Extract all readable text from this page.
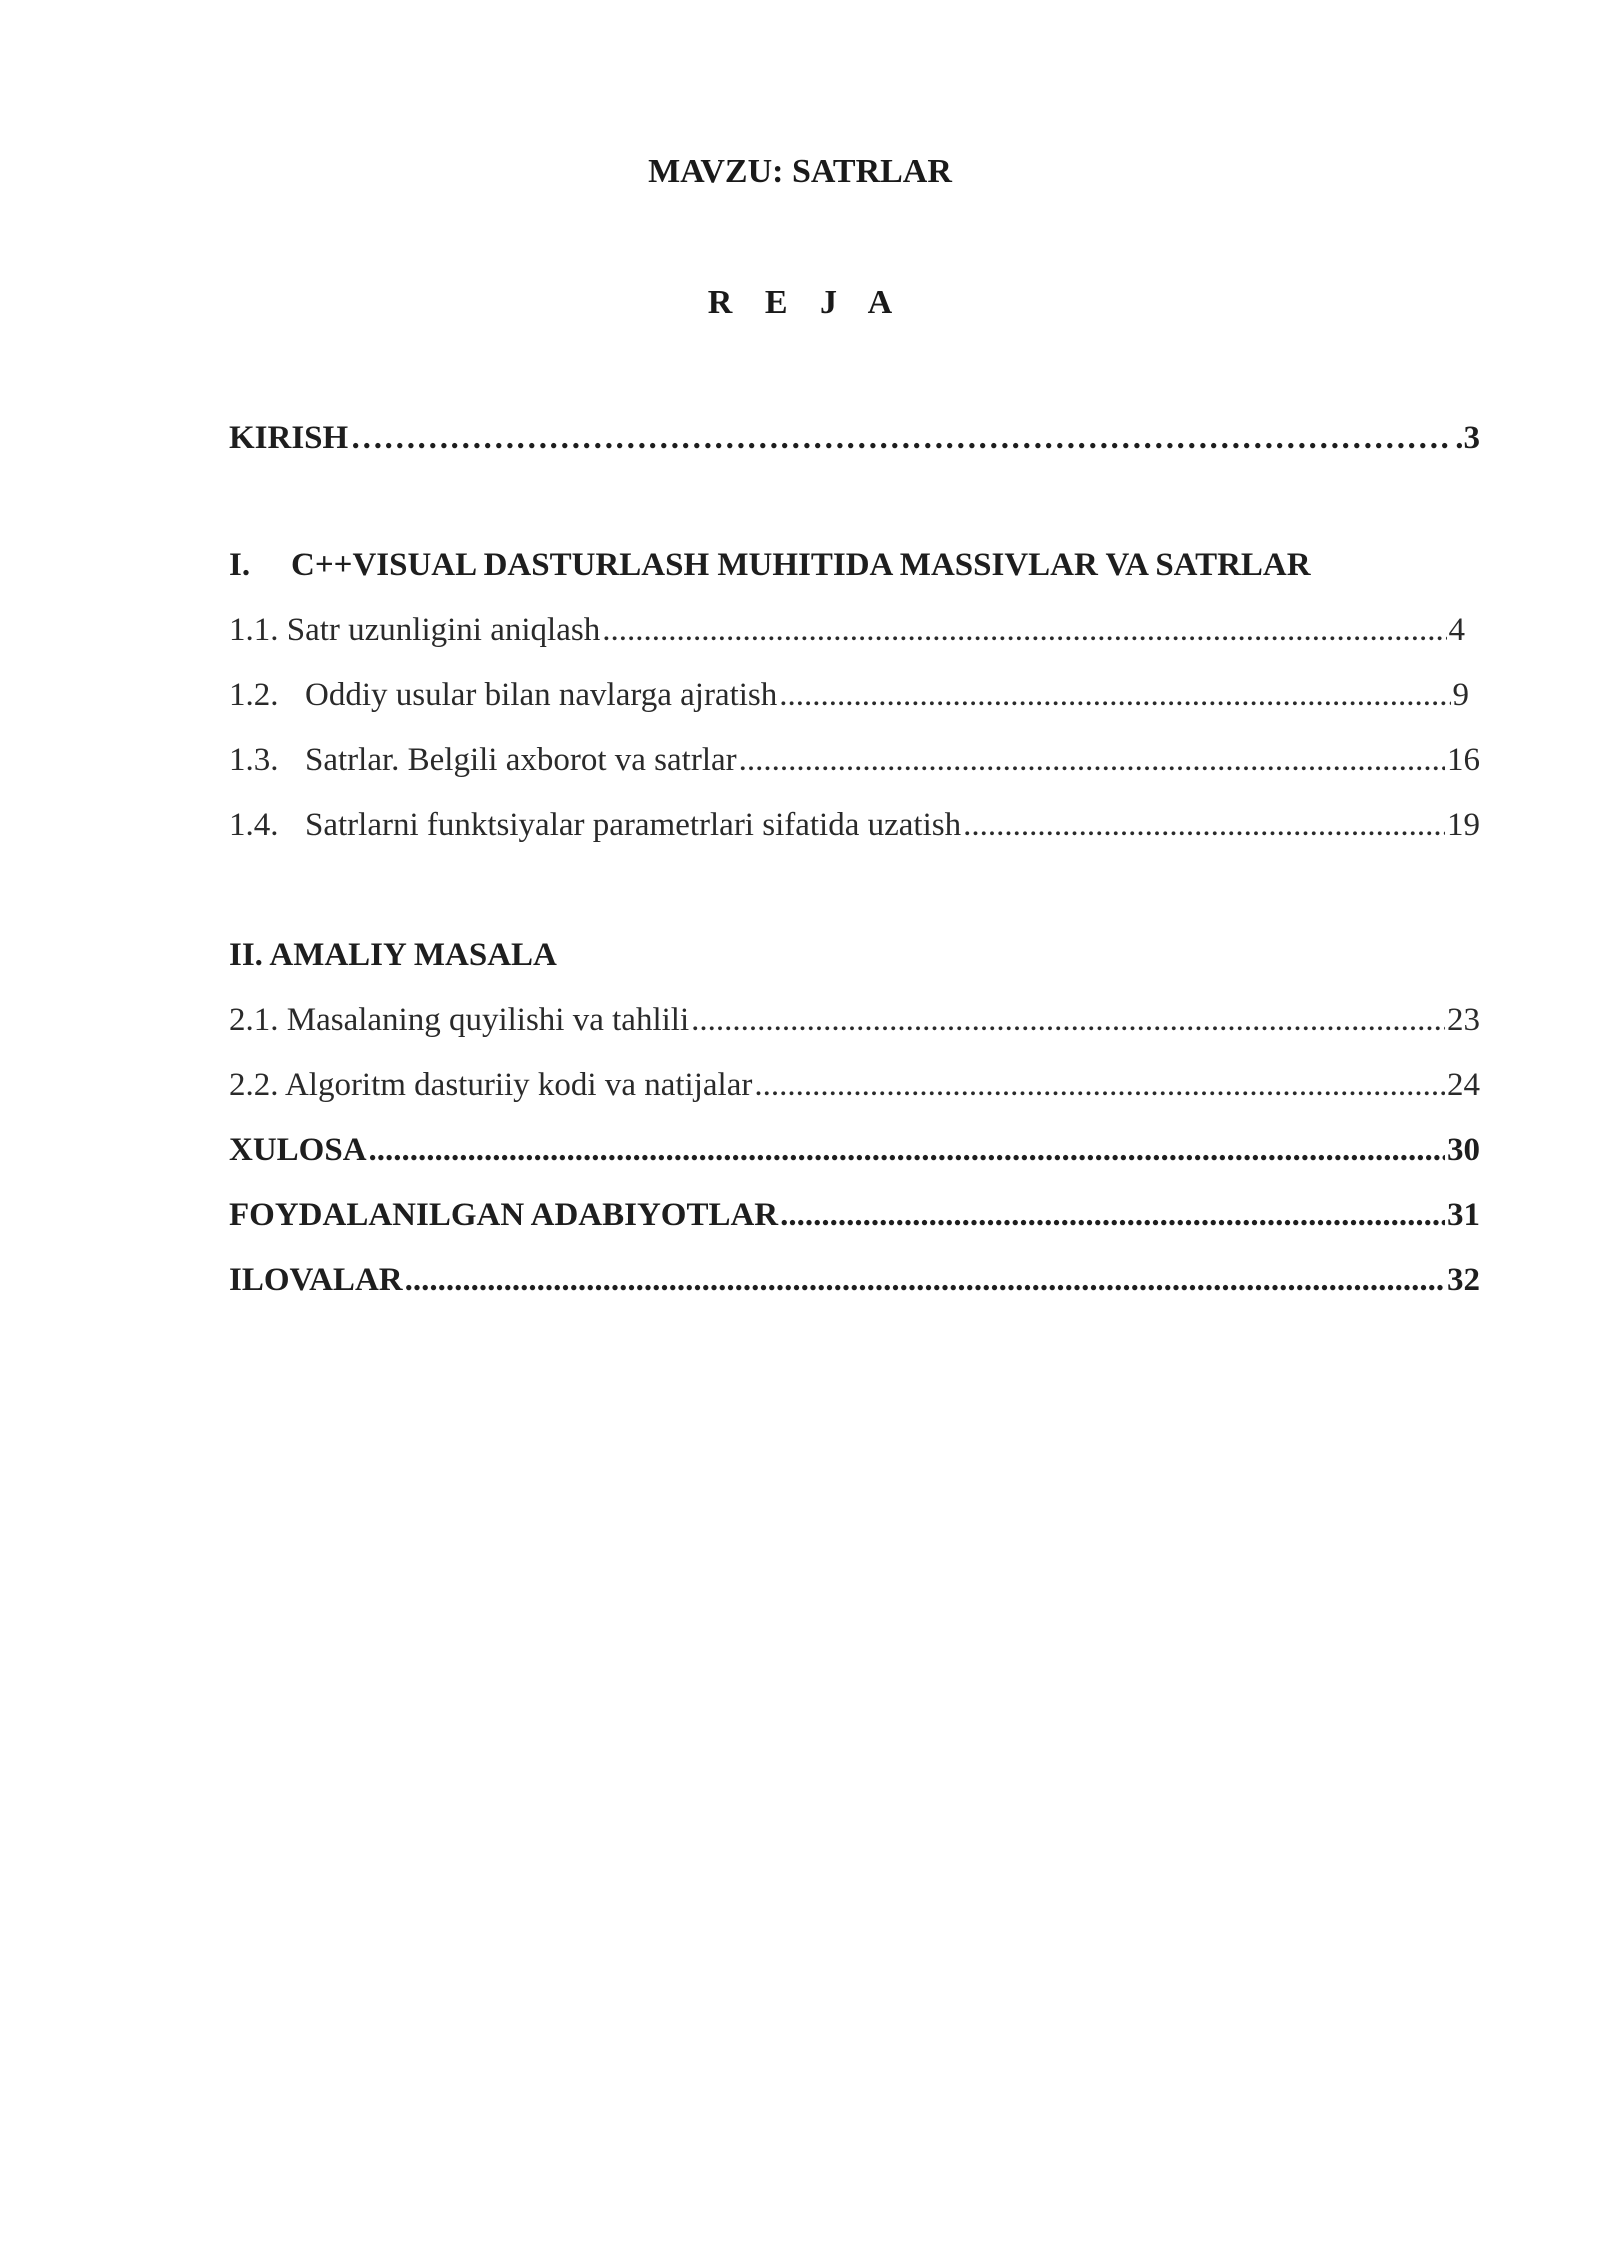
MAVZU: SATRLAR
R E J A
KIRISH …………………………………………………………………………………………………………………………………………………………………………………………………………	.3
I. C++VISUAL DASTURLASH MUHITIDA MASSIVLAR VA SATRLAR
1.1. Satr uzunligini aniqlash .....	4
1.2. Oddiy usular bilan navlarga ajratish .....	9
1.3. Satrlar. Belgili axborot va satrlar .....	16
1.4. Satrlarni funktsiyalar parametrlari sifatida uzatish .....	19
II. AMALIY MASALA
2.1. Masalaning quyilishi va tahlili .....	23
2.2. Algoritm dasturiiy kodi va natijalar .....	24
XULOSA .....	30
FOYDALANILGAN ADABIYOTLAR .....	31
ILOVALAR .....	32
